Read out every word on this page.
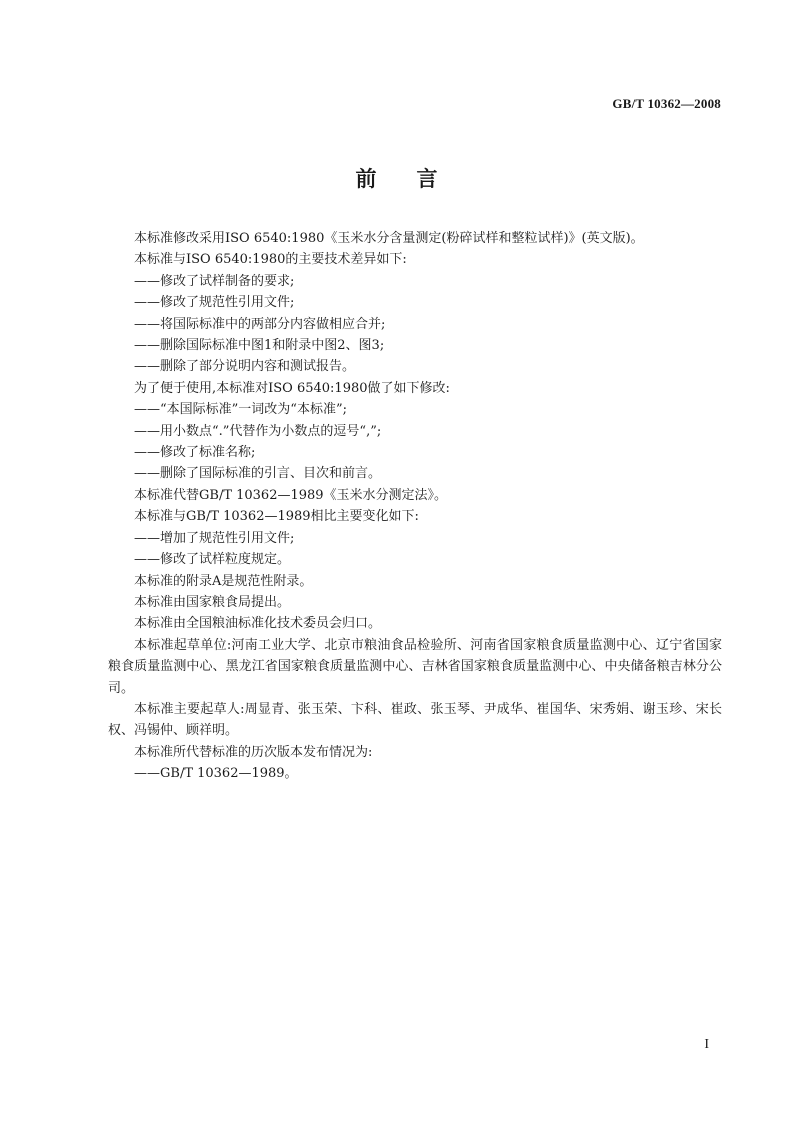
GB/T 10362—2008
前 言

本标准修改采用ISO 6540:1980《玉米水分含量测定(粉碎试样和整粒试样)》(英文版)。

本标准与ISO 6540:1980的主要技术差异如下:

——修改了试样制备的要求;

——修改了规范性引用文件;

——将国际标准中的两部分内容做相应合并;

——删除国际标准中图1和附录中图2、图3;

——删除了部分说明内容和测试报告。

为了便于使用,本标准对ISO 6540:1980做了如下修改:

——“本国际标准”一词改为“本标准”;

——用小数点“.”代替作为小数点的逗号“,”;

——修改了标准名称;

——删除了国际标准的引言、目次和前言。

本标准代替GB/T 10362—1989《玉米水分测定法》。

本标准与GB/T 10362—1989相比主要变化如下:

——增加了规范性引用文件;

——修改了试样粒度规定。

本标准的附录A是规范性附录。

本标准由国家粮食局提出。

本标准由全国粮油标准化技术委员会归口。

本标准起草单位:河南工业大学、北京市粮油食品检验所、河南省国家粮食质量监测中心、辽宁省国家粮食质量监测中心、黑龙江省国家粮食质量监测中心、吉林省国家粮食质量监测中心、中央储备粮吉林分公司。

本标准主要起草人:周显青、张玉荣、卞科、崔政、张玉琴、尹成华、崔国华、宋秀娟、谢玉珍、宋长权、冯锡仲、顾祥明。

本标准所代替标准的历次版本发布情况为:

——GB/T 10362—1989。

I
